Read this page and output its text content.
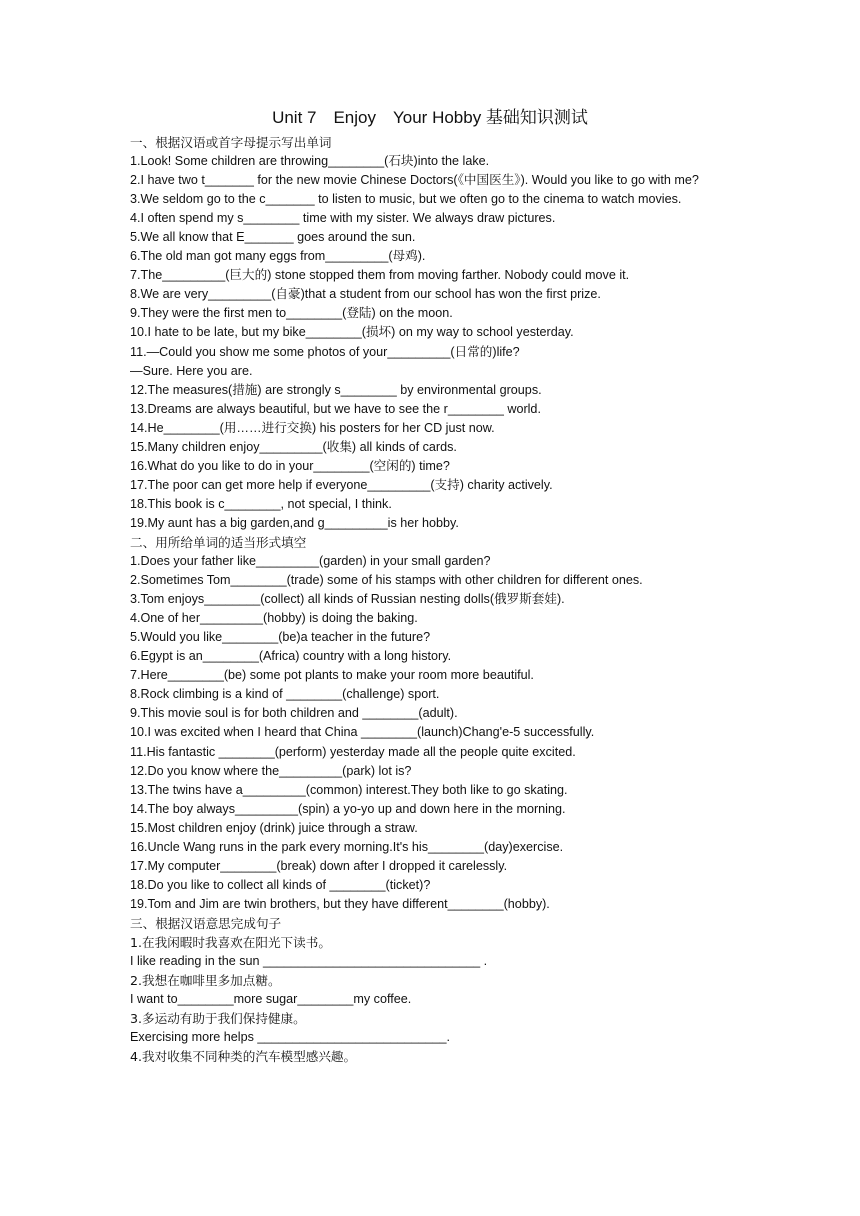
Unit 7 Enjoy Your Hobby 基础知识测试
一、根据汉语或首字母提示写出单词
1.Look! Some children are throwing________(石块)into the lake.
2.I have two t_______ for the new movie Chinese Doctors(《中国医生》). Would you like to go with me?
3.We seldom go to the c_______ to listen to music, but we often go to the cinema to watch movies.
4.I often spend my s________ time with my sister. We always draw pictures.
5.We all know that E_______ goes around the sun.
6.The old man got many eggs from_________(母鸡).
7.The_________(巨大的) stone stopped them from moving farther. Nobody could move it.
8.We are very_________(自豪)that a student from our school has won the first prize.
9.They were the first men to________(登陆) on the moon.
10.I hate to be late, but my bike________(损坏) on my way to school yesterday.
11.—Could you show me some photos of your_________(日常的)life?
—Sure. Here you are.
12.The measures(措施) are strongly s________ by environmental groups.
13.Dreams are always beautiful, but we have to see the r________ world.
14.He________(用……进行交换) his posters for her CD just now.
15.Many children enjoy_________(收集) all kinds of cards.
16.What do you like to do in your________(空闲的) time?
17.The poor can get more help if everyone_________(支持) charity actively.
18.This book is c________, not special, I think.
19.My aunt has a big garden,and g_________is her hobby.
二、用所给单词的适当形式填空
1.Does your father like_________(garden) in your small garden?
2.Sometimes Tom________(trade) some of his stamps with other children for different ones.
3.Tom enjoys________(collect) all kinds of Russian nesting dolls(俄罗斯套娃).
4.One of her_________(hobby) is doing the baking.
5.Would you like________(be)a teacher in the future?
6.Egypt is an________(Africa) country with a long history.
7.Here________(be) some pot plants to make your room more beautiful.
8.Rock climbing is a kind of ________(challenge) sport.
9.This movie soul is for both children and ________(adult).
10.I was excited when I heard that China ________(launch)Chang'e-5 successfully.
11.His fantastic ________(perform) yesterday made all the people quite excited.
12.Do you know where the_________(park) lot is?
13.The twins have a_________(common) interest.They both like to go skating.
14.The boy always_________(spin) a yo-yo up and down here in the morning.
15.Most children enjoy (drink) juice through a straw.
16.Uncle Wang runs in the park every morning.It's his________(day)exercise.
17.My computer________(break) down after I dropped it carelessly.
18.Do you like to collect all kinds of ________(ticket)?
19.Tom and Jim are twin brothers, but they have different________(hobby).
三、根据汉语意思完成句子
1.在我闲暇时我喜欢在阳光下读书。
I like reading in the sun _______________________________ .
2.我想在咖啡里多加点糖。
I want to________more sugar________my coffee.
3.多运动有助于我们保持健康。
Exercising more helps ___________________________.
4.我对收集不同种类的汽车模型感兴趣。
